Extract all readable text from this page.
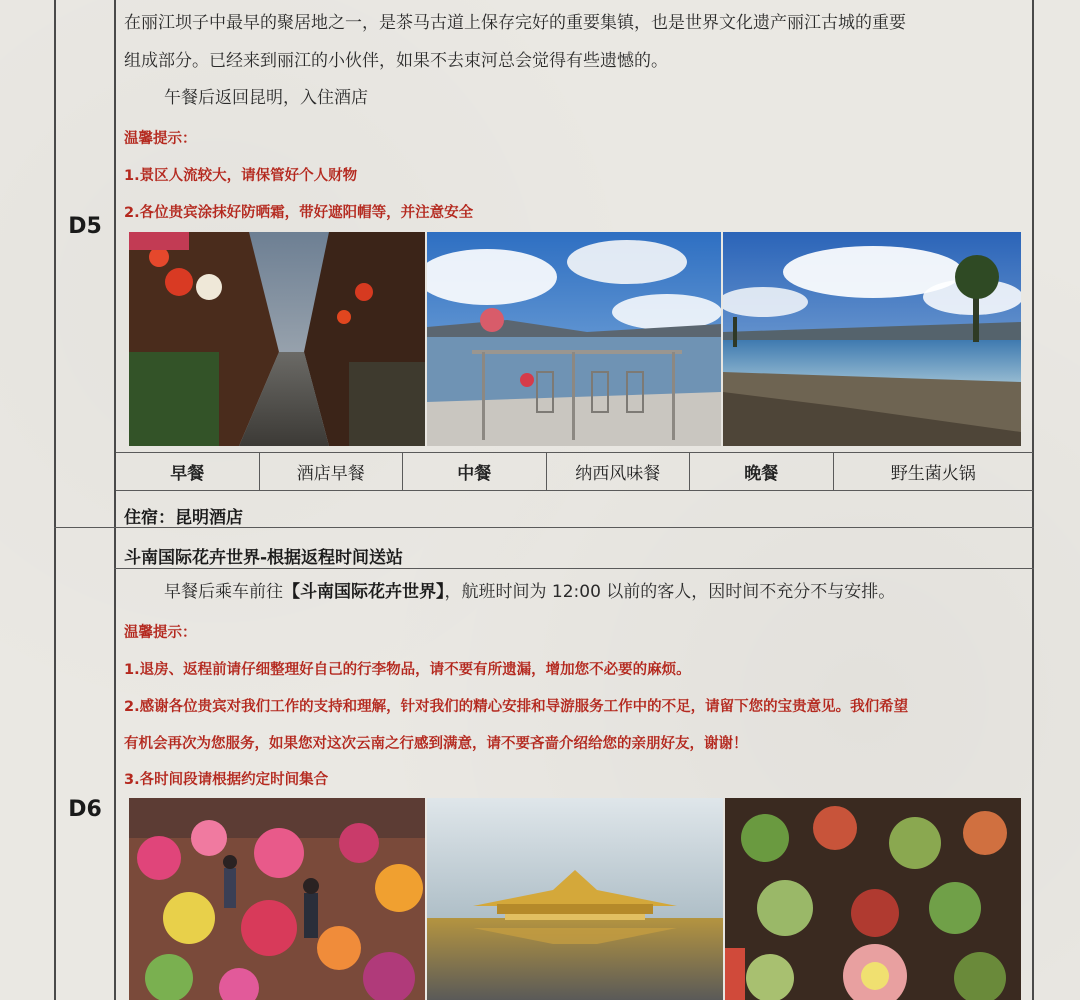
D5
在丽江坝子中最早的聚居地之一，是茶马古道上保存完好的重要集镇，也是世界文化遗产丽江古城的重要
组成部分。已经来到丽江的小伙伴，如果不去束河总会觉得有些遗憾的。
午餐后返回昆明，入住酒店
温馨提示：
1.景区人流较大，请保管好个人财物
2.各位贵宾涂抹好防晒霜，带好遮阳帽等，并注意安全
早餐	酒店早餐	中餐	纳西风味餐	晚餐	野生菌火锅
住宿：昆明酒店
D6
斗南国际花卉世界-根据返程时间送站
早餐后乘车前往【斗南国际花卉世界】，航班时间为 12:00 以前的客人，因时间不充分不与安排。
温馨提示：
1.退房、返程前请仔细整理好自己的行李物品，请不要有所遗漏，增加您不必要的麻烦。
2.感谢各位贵宾对我们工作的支持和理解，针对我们的精心安排和导游服务工作中的不足，请留下您的宝贵意见。我们希望
有机会再次为您服务，如果您对这次云南之行感到满意，请不要吝啬介绍给您的亲朋好友，谢谢！
3.各时间段请根据约定时间集合
